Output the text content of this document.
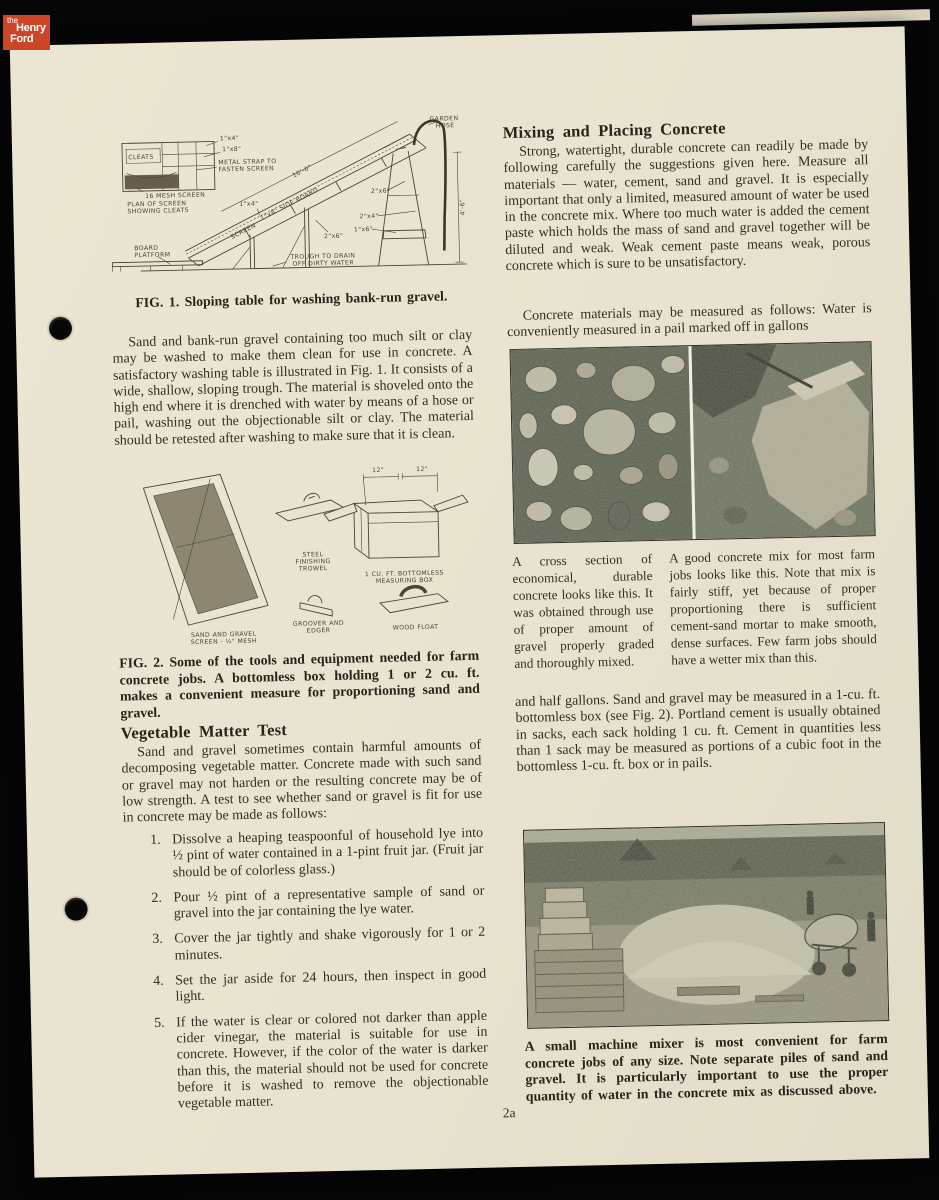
CLEATS
1"x4"
1"x8"
METAL STRAP TO
FASTEN SCREEN
16 MESH SCREEN
PLAN OF SCREEN
SHOWING CLEATS
10'-0"
1"x4" 1"x8" SIDE BOARD
SCREEN	2"x6"
2"x6"
2"x4"
1"x6"
4'-6"
GARDEN
HOSE
BOARD
PLATFORM	TROUGH TO DRAIN
OFF DIRTY WATER
FIG. 1. Sloping table for washing bank-run gravel.

Sand and bank-run gravel containing too much silt or clay may be washed to make them clean for use in concrete. A satisfactory washing table is illustrated in Fig. 1. It consists of a wide, shallow, sloping trough. The material is shoveled onto the high end where it is drenched with water by means of a hose or pail, washing out the objectionable silt or clay. The material should be retested after washing to make sure that it is clean.

SAND AND GRAVEL
SCREEN - ¼" MESH
STEEL
FINISHING
TROWEL
1 CU. FT. BOTTOMLESS
MEASURING BOX
GROOVER AND
EDGER	WOOD FLOAT
12"	12"

FIG. 2. Some of the tools and equipment needed for farm concrete jobs. A bottomless box holding 1 or 2 cu. ft. makes a convenient measure for proportioning sand and gravel.

Vegetable Matter Test

Sand and gravel sometimes contain harmful amounts of decomposing vegetable matter. Concrete made with such sand or gravel may not harden or the resulting concrete may be of low strength. A test to see whether sand or gravel is fit for use in concrete may be made as follows:

1. Dissolve a heaping teaspoonful of household lye into ½ pint of water contained in a 1-pint fruit jar. (Fruit jar should be of colorless glass.)
2. Pour ½ pint of a representative sample of sand or gravel into the jar containing the lye water.
3. Cover the jar tightly and shake vigorously for 1 or 2 minutes.
4. Set the jar aside for 24 hours, then inspect in good light.
5. If the water is clear or colored not darker than apple cider vinegar, the material is suitable for use in concrete. However, if the color of the water is darker than this, the material should not be used for concrete before it is washed to remove the objectionable vegetable matter.
Mixing and Placing Concrete

Strong, watertight, durable concrete can readily be made by following carefully the suggestions given here. Measure all materials — water, cement, sand and gravel. It is especially important that only a limited, measured amount of water be used in the concrete mix. Where too much water is added the cement paste which holds the mass of sand and gravel together will be diluted and weak. Weak cement paste means weak, porous concrete which is sure to be unsatisfactory.

Concrete materials may be measured as follows: Water is conveniently measured in a pail marked off in gallons

A cross section of economical, durable concrete looks like this. It was obtained through use of proper amount of gravel properly graded and thoroughly mixed.

A good concrete mix for most farm jobs looks like this. Note that mix is fairly stiff, yet because of proper proportioning there is sufficient cement-sand mortar to make smooth, dense surfaces. Few farm jobs should have a wetter mix than this.

and half gallons. Sand and gravel may be measured in a 1-cu. ft. bottomless box (see Fig. 2). Portland cement is usually obtained in sacks, each sack holding 1 cu. ft. Cement in quantities less than 1 sack may be measured as portions of a cubic foot in the bottomless 1-cu. ft. box or in pails.

A small machine mixer is most convenient for farm concrete jobs of any size. Note separate piles of sand and gravel. It is particularly important to use the proper quantity of water in the concrete mix as discussed above.

2a
the
Henry
Ford
